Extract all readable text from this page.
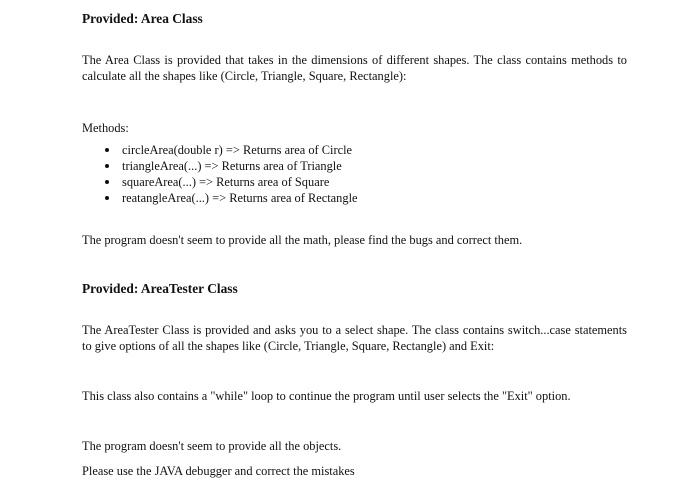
Provided: Area Class

The Area Class is provided that takes in the dimensions of different shapes. The class contains methods to calculate all the shapes like (Circle, Triangle, Square, Rectangle):

Methods:

circleArea(double r) => Returns area of Circle
triangleArea(...) => Returns area of Triangle
squareArea(...) => Returns area of Square
reatangleArea(...) => Returns area of Rectangle

The program doesn't seem to provide all the math, please find the bugs and correct them.

Provided: AreaTester Class

The AreaTester Class is provided and asks you to a select shape. The class contains switch...case statements to give options of all the shapes like (Circle, Triangle, Square, Rectangle) and Exit:

This class also contains a "while" loop to continue the program until user selects the "Exit" option.

The program doesn't seem to provide all the objects.

Please use the JAVA debugger and correct the mistakes
